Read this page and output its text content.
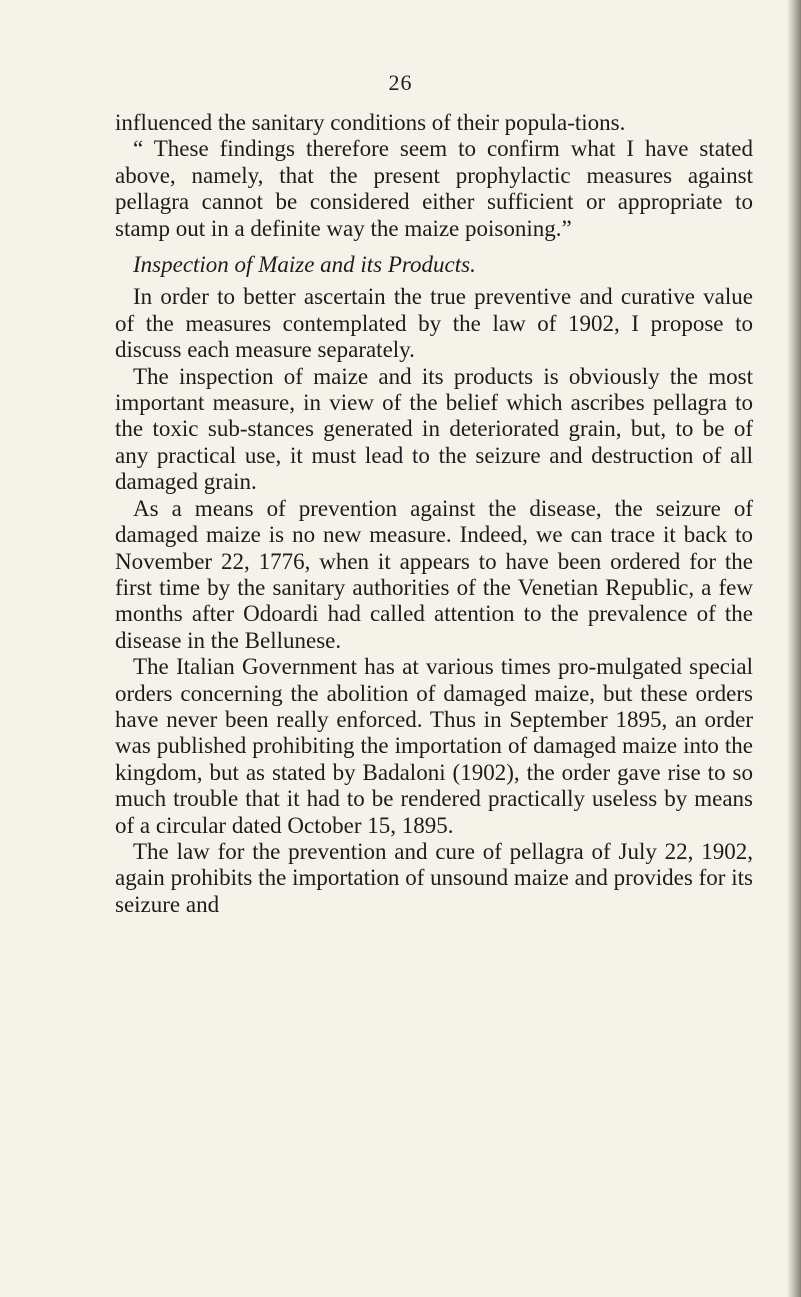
26

influenced the sanitary conditions of their popula-tions.

“ These findings therefore seem to confirm what I have stated above, namely, that the present prophylactic measures against pellagra cannot be considered either sufficient or appropriate to stamp out in a definite way the maize poisoning.”

Inspection of Maize and its Products.

In order to better ascertain the true preventive and curative value of the measures contemplated by the law of 1902, I propose to discuss each measure separately.

The inspection of maize and its products is obviously the most important measure, in view of the belief which ascribes pellagra to the toxic sub-stances generated in deteriorated grain, but, to be of any practical use, it must lead to the seizure and destruction of all damaged grain.

As a means of prevention against the disease, the seizure of damaged maize is no new measure. Indeed, we can trace it back to November 22, 1776, when it appears to have been ordered for the first time by the sanitary authorities of the Venetian Republic, a few months after Odoardi had called attention to the prevalence of the disease in the Bellunese.

The Italian Government has at various times pro-mulgated special orders concerning the abolition of damaged maize, but these orders have never been really enforced. Thus in September 1895, an order was published prohibiting the importation of damaged maize into the kingdom, but as stated by Badaloni (1902), the order gave rise to so much trouble that it had to be rendered practically useless by means of a circular dated October 15, 1895.

The law for the prevention and cure of pellagra of July 22, 1902, again prohibits the importation of unsound maize and provides for its seizure and
